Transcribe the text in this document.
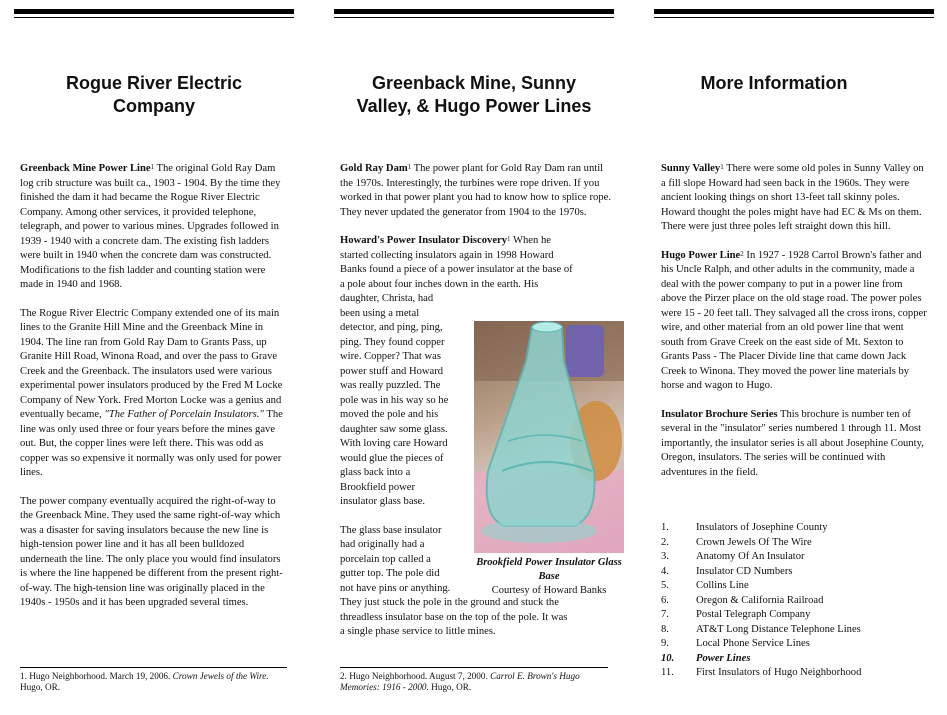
Rogue River Electric
Company

Greenback Mine Power Line$^1$ The original Gold Ray Dam log crib structure was built ca., 1903 - 1904. By the time they finished the dam it had became the Rogue River Electric Company. Among other services, it provided telephone, telegraph, and power to various mines. Upgrades followed in 1939 - 1940 with a concrete dam. The existing fish ladders were built in 1940 when the concrete dam was constructed. Modifications to the fish ladder and counting station were made in 1940 and 1968.

The Rogue River Electric Company extended one of its main lines to the Granite Hill Mine and the Greenback Mine in 1904. The line ran from Gold Ray Dam to Grants Pass, up Granite Hill Road, Winona Road, and over the pass to Grave Creek and the Greenback. The insulators used were various experimental power insulators produced by the Fred M Locke Company of New York. Fred Morton Locke was a genius and eventually became, "The Father of Porcelain Insulators." The line was only used three or four years before the mines gave out. But, the copper lines were left there. This was odd as copper was so expensive it normally was only used for power lines.

The power company eventually acquired the right-of-way to the Greenback Mine. They used the same right-of-way which was a disaster for saving insulators because the new line is high-tension power line and it has all been bulldozed underneath the line. The only place you would find insulators is where the line happened be different from the present right-of-way. The high-tension line was originally placed in the 1940s - 1950s and it has been upgraded several times.

1. Hugo Neighborhood. March 19, 2006. Crown Jewels of the Wire. Hugo, OR.
Greenback Mine, Sunny
Valley, & Hugo Power Lines

Gold Ray Dam$^1$ The power plant for Gold Ray Dam ran until the 1970s. Interestingly, the turbines were rope driven. If you worked in that power plant you had to know how to splice rope. They never updated the generator from 1904 to the 1970s.

Howard's Power Insulator Discovery$^1$ When he
started collecting insulators again in 1998 Howard
Banks found a piece of a power insulator at the base of
a pole about four inches down in the earth. His
daughter, Christa, had
been using a metal
detector, and ping, ping,
ping. They found copper
wire. Copper? That was
power stuff and Howard
was really puzzled. The
pole was in his way so he
moved the pole and his
daughter saw some glass.
With loving care Howard
would glue the pieces of
glass back into a
Brookfield power
insulator glass base.
The glass base insulator
had originally had a
porcelain top called a
gutter top. The pole did
not have pins or anything.
They just stuck the pole in the ground and stuck the
threadless insulator base on the top of the pole. It was
a single phase service to little mines.
Brookfield Power Insulator Glass Base
Courtesy of Howard Banks
2. Hugo Neighborhood. August 7, 2000. Carrol E. Brown's Hugo Memories: 1916 - 2000. Hugo, OR.
More Information

Sunny Valley$^1$ There were some old poles in Sunny Valley on a fill slope Howard had seen back in the 1960s. They were ancient looking things on short 13-feet tall skinny poles. Howard thought the poles might have had EC & Ms on them. There were just three poles left straight down this hill.

Hugo Power Line$^2$ In 1927 - 1928 Carrol Brown's father and his Uncle Ralph, and other adults in the community, made a deal with the power company to put in a power line from above the Pirzer place on the old stage road. The power poles were 15 - 20 feet tall. They salvaged all the cross irons, copper wire, and other material from an old power line that went south from Grave Creek on the east side of Mt. Sexton to Grants Pass - The Placer Divide line that came down Jack Creek to Winona. They moved the power line materials by horse and wagon to Hugo.

Insulator Brochure Series This brochure is number ten of several in the "insulator" series numbered 1 through 11. Most importantly, the insulator series is all about Josephine County, Oregon, insulators. The series will be continued with adventures in the field.

1.	Insulators of Josephine County
2.	Crown Jewels Of The Wire
3.	Anatomy Of An Insulator
4.	Insulator CD Numbers
5.	Collins Line
6.	Oregon & California Railroad
7.	Postal Telegraph Company
8.	AT&T Long Distance Telephone Lines
9.	Local Phone Service Lines
10.	Power Lines
11.	First Insulators of Hugo Neighborhood
